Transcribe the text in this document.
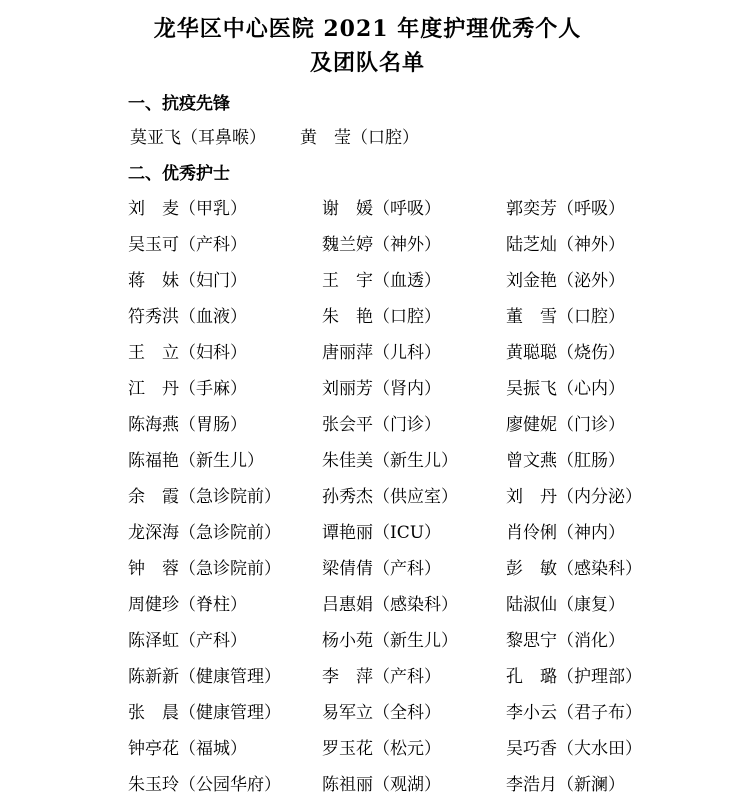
龙华区中心医院 2021 年度护理优秀个人
及团队名单
一、抗疫先锋
莫亚飞（耳鼻喉） 黄　莹（口腔）
二、优秀护士
刘　麦（甲乳）	谢　媛（呼吸）	郭奕芳（呼吸）
吴玉可（产科）	魏兰婷（神外）	陆芝灿（神外）
蒋　妹（妇门）	王　宇（血透）	刘金艳（泌外）
符秀洪（血液）	朱　艳（口腔）	董　雪（口腔）
王　立（妇科）	唐丽萍（儿科）	黄聪聪（烧伤）
江　丹（手麻）	刘丽芳（肾内）	吴振飞（心内）
陈海燕（胃肠）	张会平（门诊）	廖健妮（门诊）
陈福艳（新生儿）	朱佳美（新生儿）	曾文燕（肛肠）
余　霞（急诊院前） 孙秀杰（供应室）	刘　丹（内分泌）
龙深海（急诊院前） 谭艳丽（ICU）	肖伶俐（神内）
钟　蓉（急诊院前） 梁倩倩（产科）	彭　敏（感染科）
周健珍（脊柱）	吕惠娟（感染科）	陆淑仙（康复）
陈泽虹（产科）	杨小苑（新生儿）	黎思宁（消化）
陈新新（健康管理） 李　萍（产科）	孔　璐（护理部）
张　晨（健康管理） 易军立（全科）	李小云（君子布）
钟亭花（福城）	罗玉花（松元）	吴巧香（大水田）
朱玉玲（公园华府） 陈祖丽（观湖）	李浩月（新澜）
